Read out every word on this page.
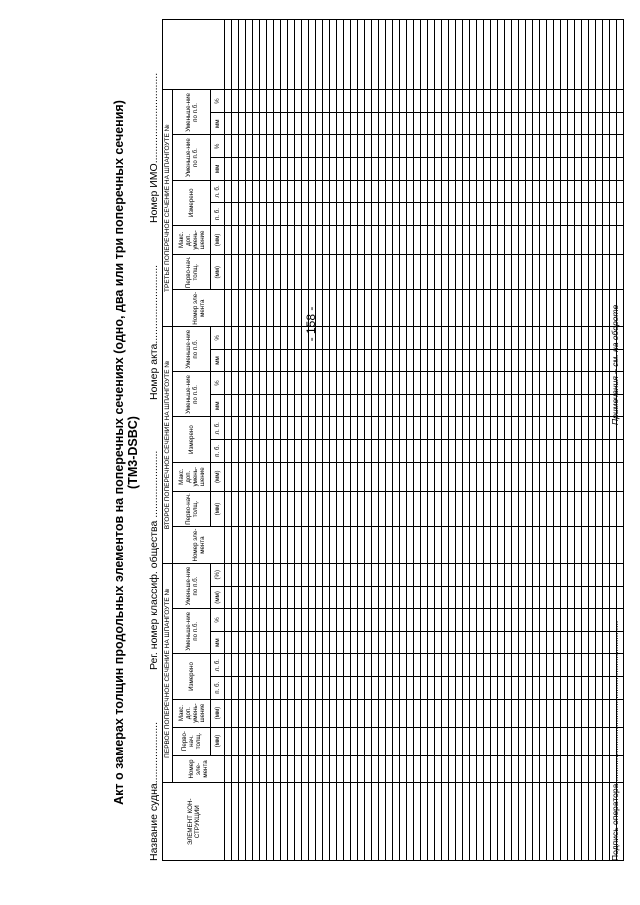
- 158 -
Акт о замерах толщин продольных элементов на поперечных сечениях (одно, два или три поперечных сечения) (ТМ3-DSBC)
Название судна.....................
Рег. номер класcиф. общества .......................
Номер акта...........................
Номер ИМО...............................
ЭЛЕМЕНТ КОН-СТРУКЦИИ	ПЕРВОЕ ПОПЕРЕЧНОЕ СЕЧЕНИЕ НА ШПАНГОУТЕ №									ВТОРОЕ ПОПЕРЕЧНОЕ СЕЧЕНИЕ НА ШПАНГОУТЕ №									ТРЕТЬЕ ПОПЕРЕЧНОЕ СЕЧЕНИЕ НА ШПАНГОУТЕ №									
	Номер эле-мента	Перво-нач. толщ.	Макс. доп. умень-шение	Измерено		Уменьше-ние по п.б.		Уменьше-ние по п.б.		Номер эле-мента	Перво-нач. толщ.	Макс. доп. умень-шение	Измерено		Уменьше-ние по п.б.		Уменьше-ние по п.б.		Номер эле-мента	Перво-нач. толщ.	Макс. доп. умень-шение	Измерено		Уменьше-ние по п.б.		Уменьше-ние по п.б.		
		(мм)	(мм)	п. б.	л. б.	мм	%	(мм)	(%)		(мм)	(мм)	п. б.	л. б.	мм	%	мм	%		(мм)	(мм)	п. б.	л. б.	мм	%	мм	%	

Подпись оператора ....................................................................
Примечания – см. на обороте
